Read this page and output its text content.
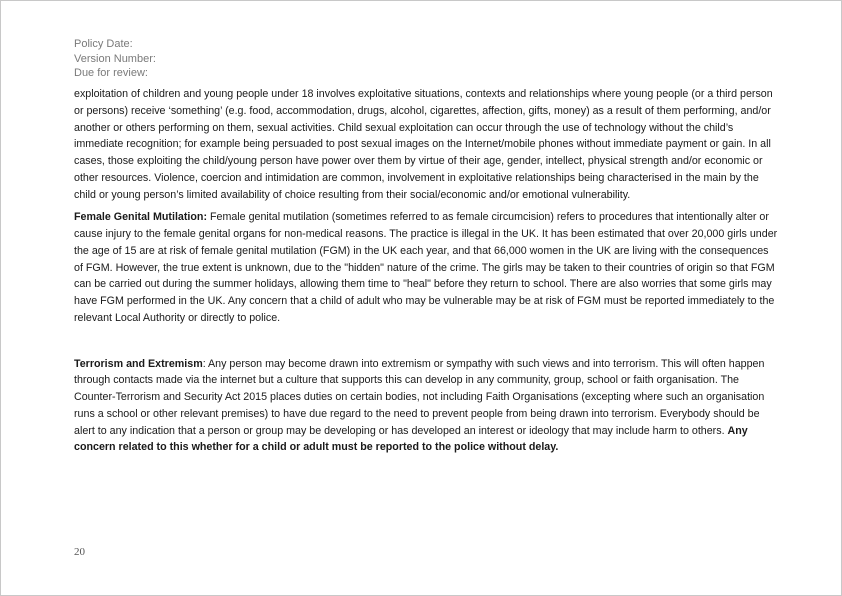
Policy Date:
Version Number:
Due for review:

exploitation of children and young people under 18 involves exploitative situations, contexts and relationships where young people (or a third person or persons) receive ‘something’ (e.g. food, accommodation, drugs, alcohol, cigarettes, affection, gifts, money) as a result of them performing, and/or another or others performing on them, sexual activities. Child sexual exploitation can occur through the use of technology without the child’s immediate recognition; for example being persuaded to post sexual images on the Internet/mobile phones without immediate payment or gain. In all cases, those exploiting the child/young person have power over them by virtue of their age, gender, intellect, physical strength and/or economic or other resources. Violence, coercion and intimidation are common, involvement in exploitative relationships being characterised in the main by the child or young person’s limited availability of choice resulting from their social/economic and/or emotional vulnerability.

Female Genital Mutilation: Female genital mutilation (sometimes referred to as female circumcision) refers to procedures that intentionally alter or cause injury to the female genital organs for non-medical reasons. The practice is illegal in the UK. It has been estimated that over 20,000 girls under the age of 15 are at risk of female genital mutilation (FGM) in the UK each year, and that 66,000 women in the UK are living with the consequences of FGM. However, the true extent is unknown, due to the "hidden" nature of the crime. The girls may be taken to their countries of origin so that FGM can be carried out during the summer holidays, allowing them time to "heal" before they return to school. There are also worries that some girls may have FGM performed in the UK. Any concern that a child of adult who may be vulnerable may be at risk of FGM must be reported immediately to the relevant Local Authority or directly to police.

Terrorism and Extremism: Any person may become drawn into extremism or sympathy with such views and into terrorism. This will often happen through contacts made via the internet but a culture that supports this can develop in any community, group, school or faith organisation. The Counter-Terrorism and Security Act 2015 places duties on certain bodies, not including Faith Organisations (excepting where such an organisation runs a school or other relevant premises) to have due regard to the need to prevent people from being drawn into terrorism. Everybody should be alert to any indication that a person or group may be developing or has developed an interest or ideology that may include harm to others. Any concern related to this whether for a child or adult must be reported to the police without delay.

20
